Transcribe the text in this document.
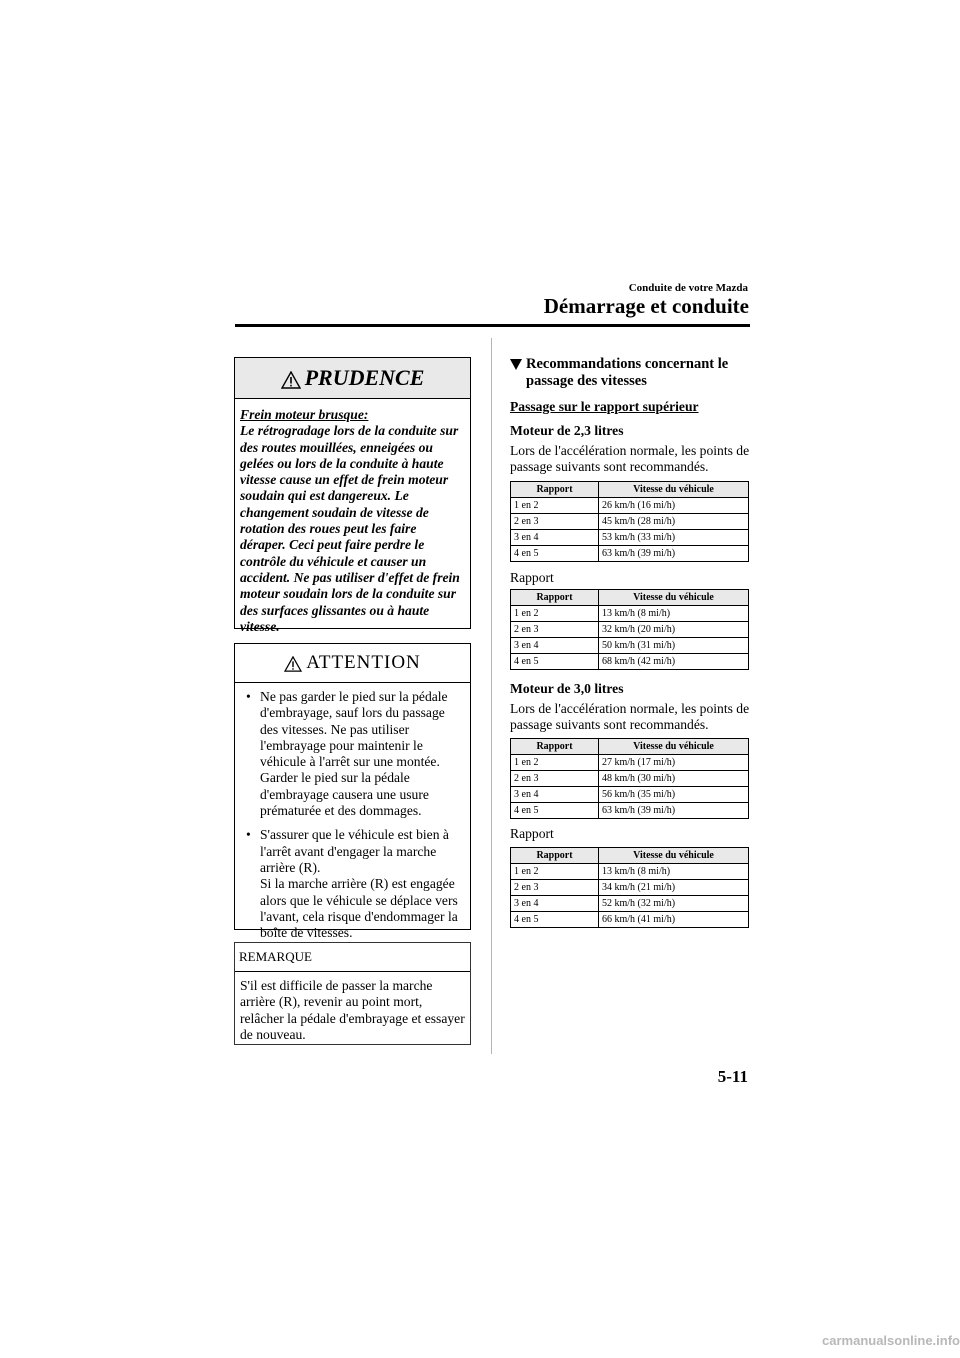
Conduite de votre Mazda
Démarrage et conduite
PRUDENCE
Frein moteur brusque:
Le rétrogradage lors de la conduite sur des routes mouillées, enneigées ou gelées ou lors de la conduite à haute vitesse cause un effet de frein moteur soudain qui est dangereux. Le changement soudain de vitesse de rotation des roues peut les faire déraper. Ceci peut faire perdre le contrôle du véhicule et causer un accident. Ne pas utiliser d'effet de frein moteur soudain lors de la conduite sur des surfaces glissantes ou à haute vitesse.
ATTENTION
• Ne pas garder le pied sur la pédale d'embrayage, sauf lors du passage des vitesses. Ne pas utiliser l'embrayage pour maintenir le véhicule à l'arrêt sur une montée. Garder le pied sur la pédale d'embrayage causera une usure prématurée et des dommages.
• S'assurer que le véhicule est bien à l'arrêt avant d'engager la marche arrière (R).
Si la marche arrière (R) est engagée alors que le véhicule se déplace vers l'avant, cela risque d'endommager la boîte de vitesses.
REMARQUE
S'il est difficile de passer la marche arrière (R), revenir au point mort, relâcher la pédale d'embrayage et essayer de nouveau.
Recommandations concernant le passage des vitesses
Passage sur le rapport supérieur
Moteur de 2,3 litres
Lors de l'accélération normale, les points de passage suivants sont recommandés.
Rapport	Vitesse du véhicule
1 en 2	26 km/h (16 mi/h)
2 en 3	45 km/h (28 mi/h)
3 en 4	53 km/h (33 mi/h)
4 en 5	63 km/h (39 mi/h)
Rapport
Rapport	Vitesse du véhicule
1 en 2	13 km/h (8 mi/h)
2 en 3	32 km/h (20 mi/h)
3 en 4	50 km/h (31 mi/h)
4 en 5	68 km/h (42 mi/h)
Moteur de 3,0 litres
Lors de l'accélération normale, les points de passage suivants sont recommandés.
Rapport	Vitesse du véhicule
1 en 2	27 km/h (17 mi/h)
2 en 3	48 km/h (30 mi/h)
3 en 4	56 km/h (35 mi/h)
4 en 5	63 km/h (39 mi/h)
Rapport
Rapport	Vitesse du véhicule
1 en 2	13 km/h (8 mi/h)
2 en 3	34 km/h (21 mi/h)
3 en 4	52 km/h (32 mi/h)
4 en 5	66 km/h (41 mi/h)
5-11
carmanualsonline.info
